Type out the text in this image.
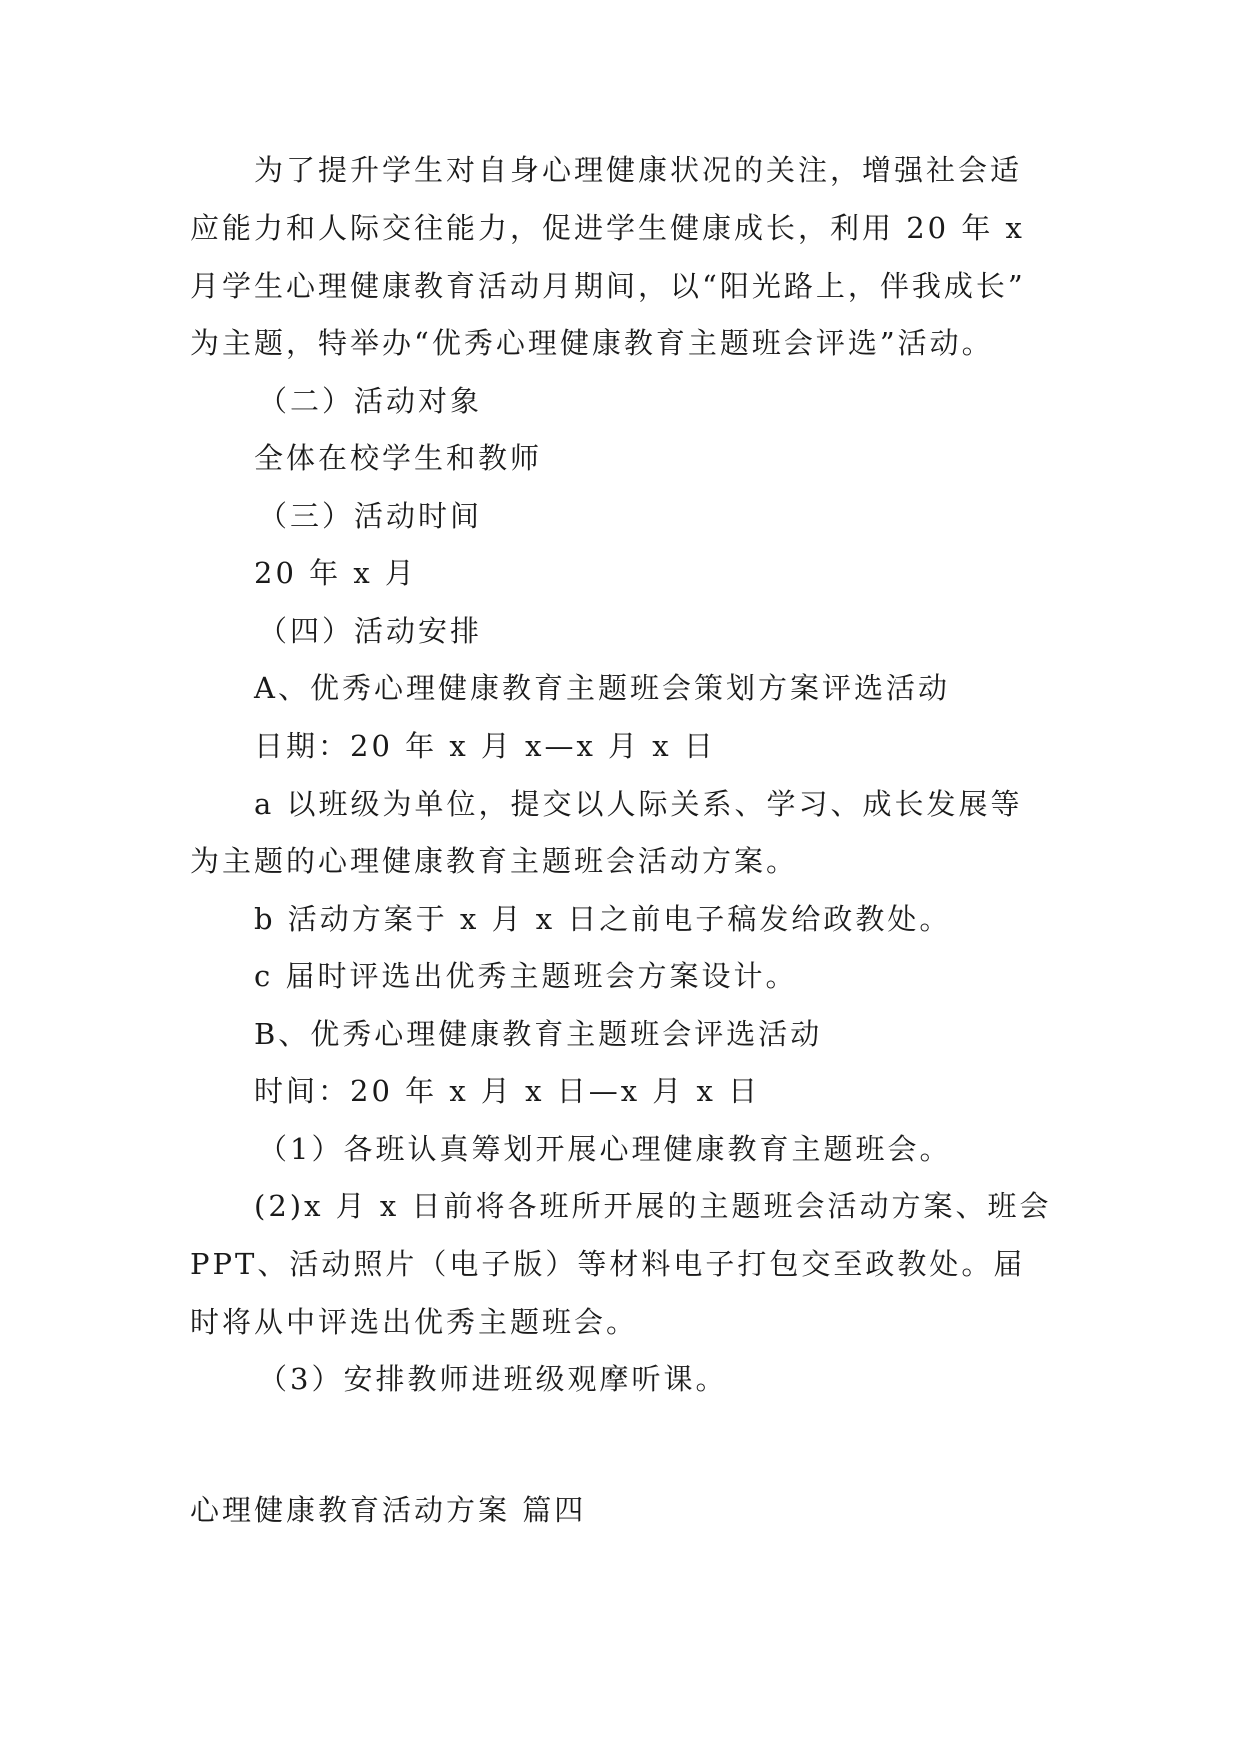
为了提升学生对自身心理健康状况的关注，增强社会适
应能力和人际交往能力，促进学生健康成长，利用 20 年 x
月学生心理健康教育活动月期间，以“阳光路上，伴我成长”
为主题，特举办“优秀心理健康教育主题班会评选”活动。
（二）活动对象
全体在校学生和教师
（三）活动时间
20 年 x 月
（四）活动安排
A、优秀心理健康教育主题班会策划方案评选活动
日期：20 年 x 月 x—x 月 x 日
a 以班级为单位，提交以人际关系、学习、成长发展等
为主题的心理健康教育主题班会活动方案。
b 活动方案于 x 月 x 日之前电子稿发给政教处。
c 届时评选出优秀主题班会方案设计。
B、优秀心理健康教育主题班会评选活动
时间：20 年 x 月 x 日—x 月 x 日
（1）各班认真筹划开展心理健康教育主题班会。
(2)x 月 x 日前将各班所开展的主题班会活动方案、班会
PPT、活动照片（电子版）等材料电子打包交至政教处。届
时将从中评选出优秀主题班会。
（3）安排教师进班级观摩听课。
心理健康教育活动方案 篇四
